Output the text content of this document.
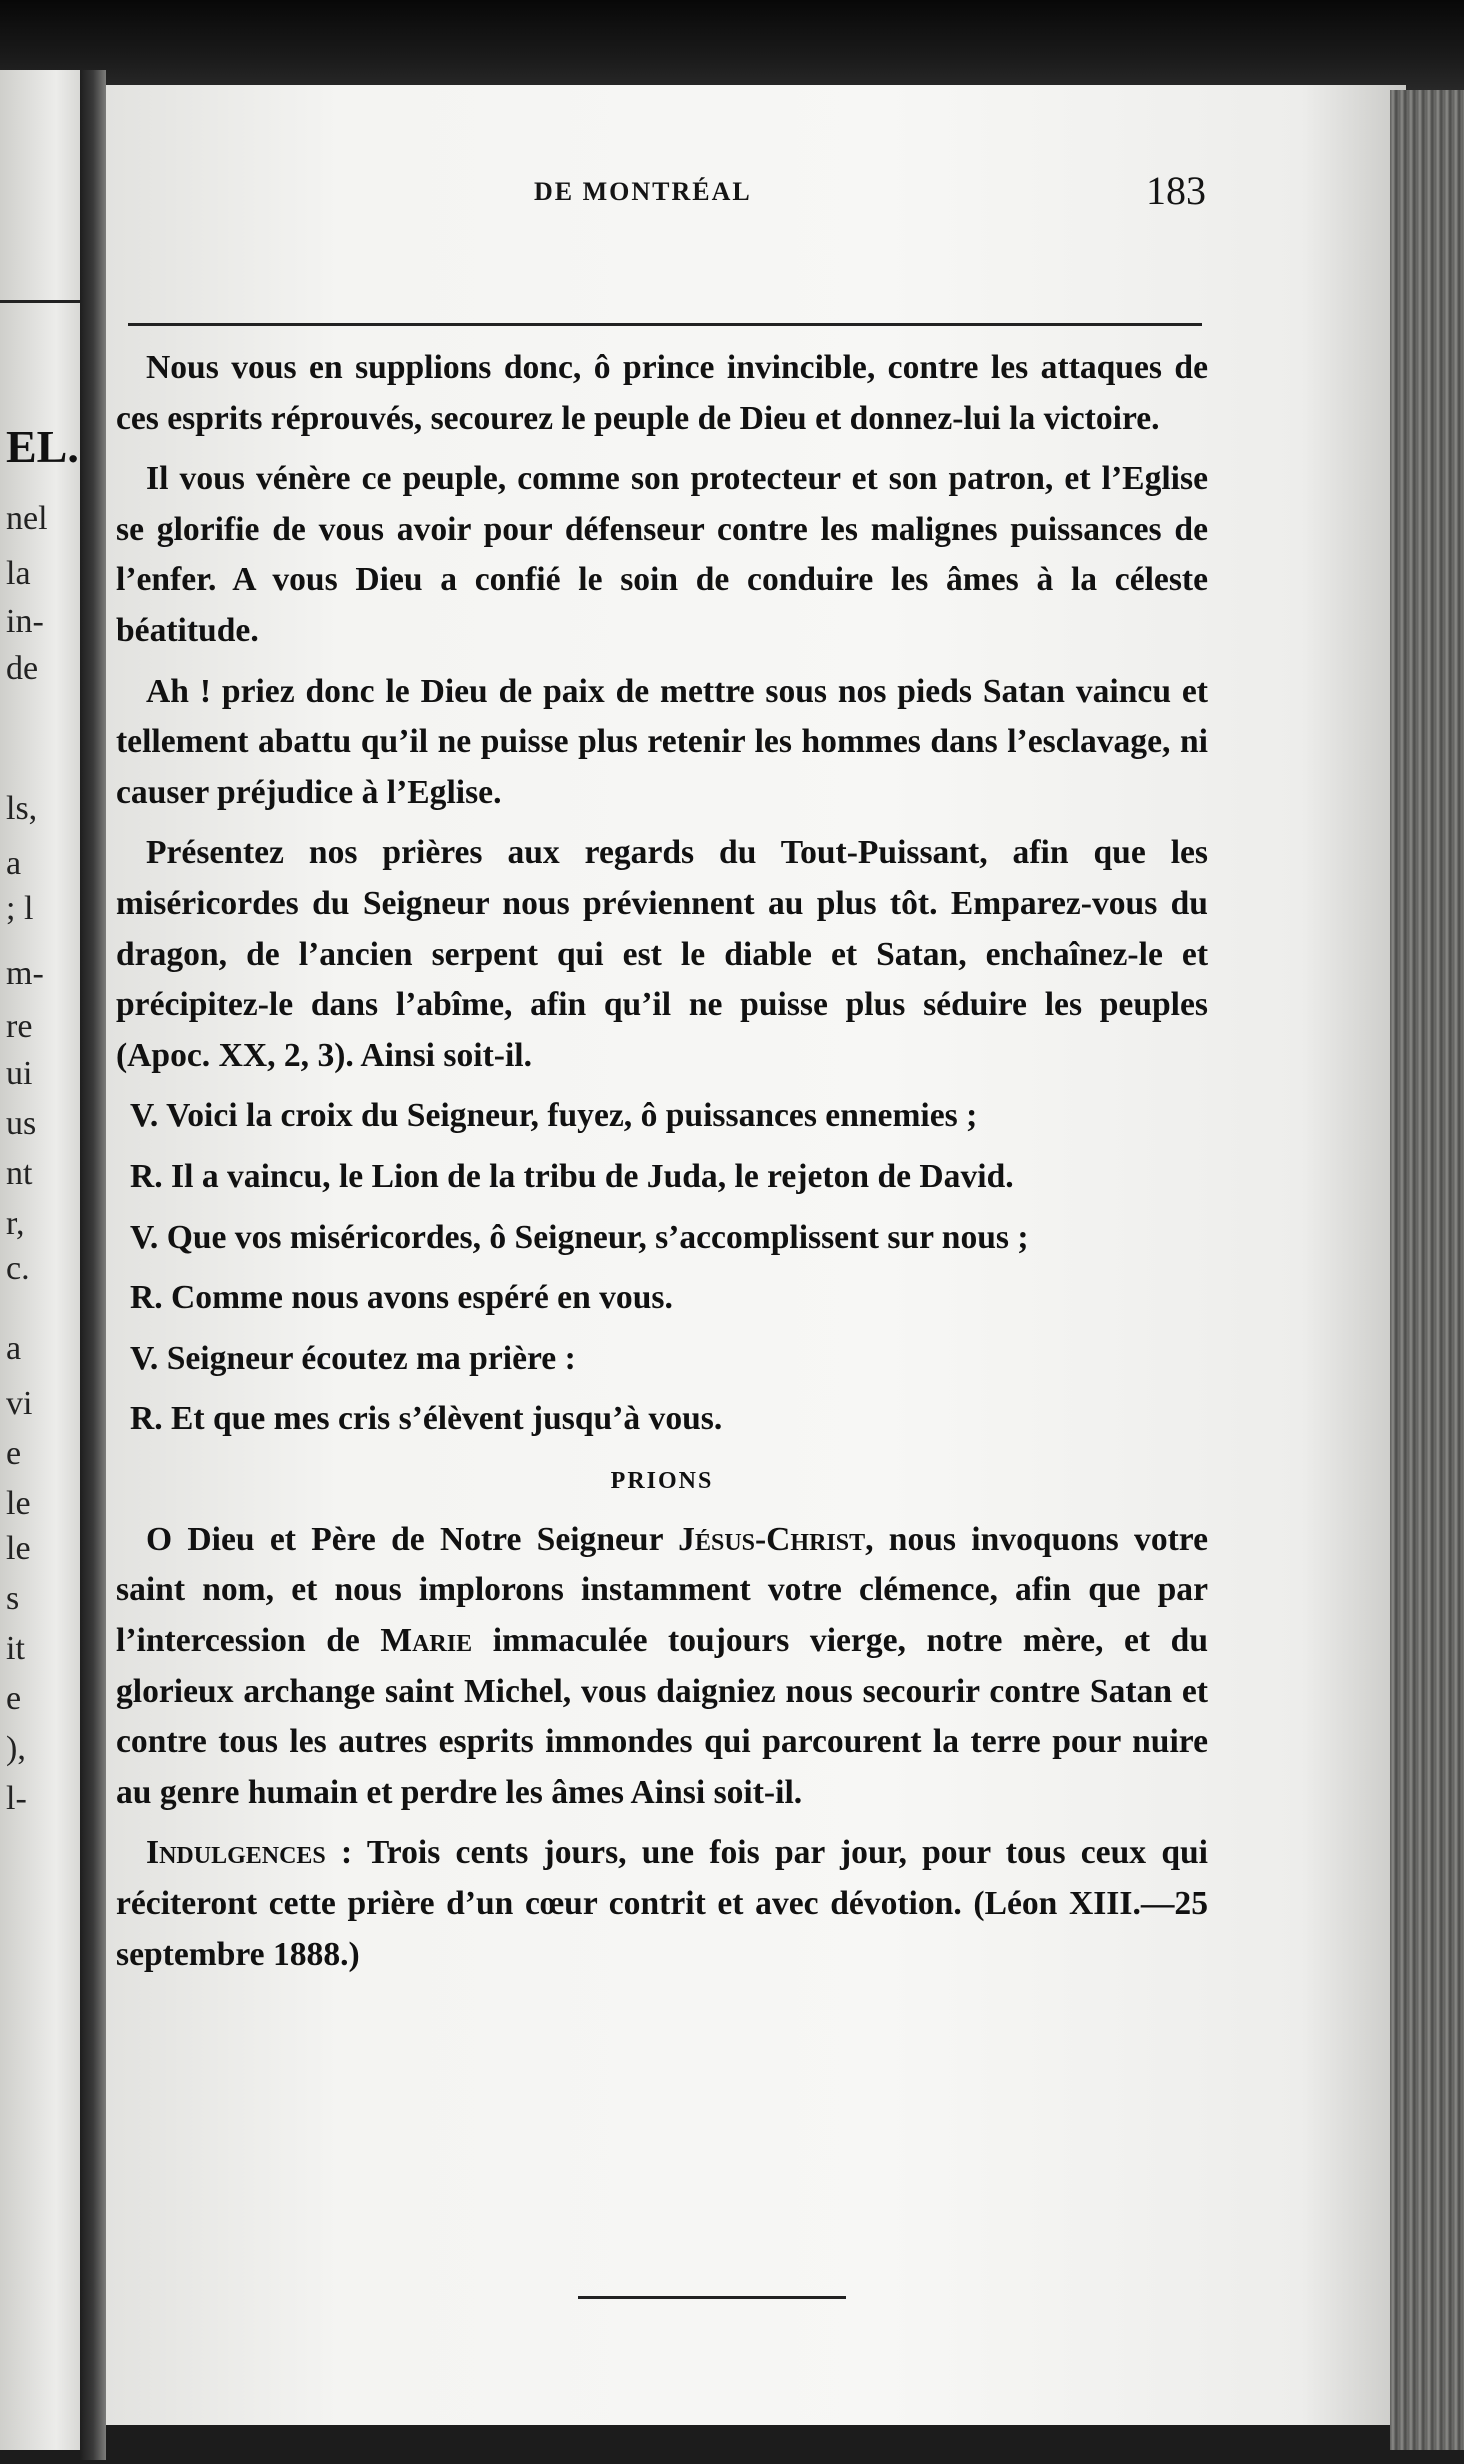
EL.
nel
la
in-
de
ls,
a
; l
m-
re
ui
us
nt
r,
c.
a
vi
e
le
le
s
it
e
),
l-
DE MONTRÉAL	183

Nous vous en supplions donc, ô prince invincible, contre les attaques de ces esprits réprouvés, secourez le peuple de Dieu et donnez-lui la victoire.

Il vous vénère ce peuple, comme son protecteur et son patron, et l’Eglise se glorifie de vous avoir pour défenseur contre les malignes puissances de l’enfer. A vous Dieu a confié le soin de conduire les âmes à la céleste béatitude.

Ah ! priez donc le Dieu de paix de mettre sous nos pieds Satan vaincu et tellement abattu qu’il ne puisse plus retenir les hommes dans l’esclavage, ni causer préjudice à l’Eglise.

Présentez nos prières aux regards du Tout-Puissant, afin que les miséricordes du Seigneur nous préviennent au plus tôt. Emparez-vous du dragon, de l’ancien serpent qui est le diable et Satan, enchaînez-le et précipitez-le dans l’abîme, afin qu’il ne puisse plus séduire les peuples (Apoc. XX, 2, 3). Ainsi soit-il.

V. Voici la croix du Seigneur, fuyez, ô puissances ennemies ;

R. Il a vaincu, le Lion de la tribu de Juda, le rejeton de David.

V. Que vos miséricordes, ô Seigneur, s’accomplissent sur nous ;

R. Comme nous avons espéré en vous.

V. Seigneur écoutez ma prière :

R. Et que mes cris s’élèvent jusqu’à vous.

PRIONS

O Dieu et Père de Notre Seigneur Jésus-Christ, nous invoquons votre saint nom, et nous implorons instamment votre clémence, afin que par l’intercession de Marie immaculée toujours vierge, notre mère, et du glorieux archange saint Michel, vous daigniez nous secourir contre Satan et contre tous les autres esprits immondes qui parcourent la terre pour nuire au genre humain et perdre les âmes Ainsi soit-il.

Indulgences : Trois cents jours, une fois par jour, pour tous ceux qui réciteront cette prière d’un cœur contrit et avec dévotion. (Léon XIII.—25 septembre 1888.)
